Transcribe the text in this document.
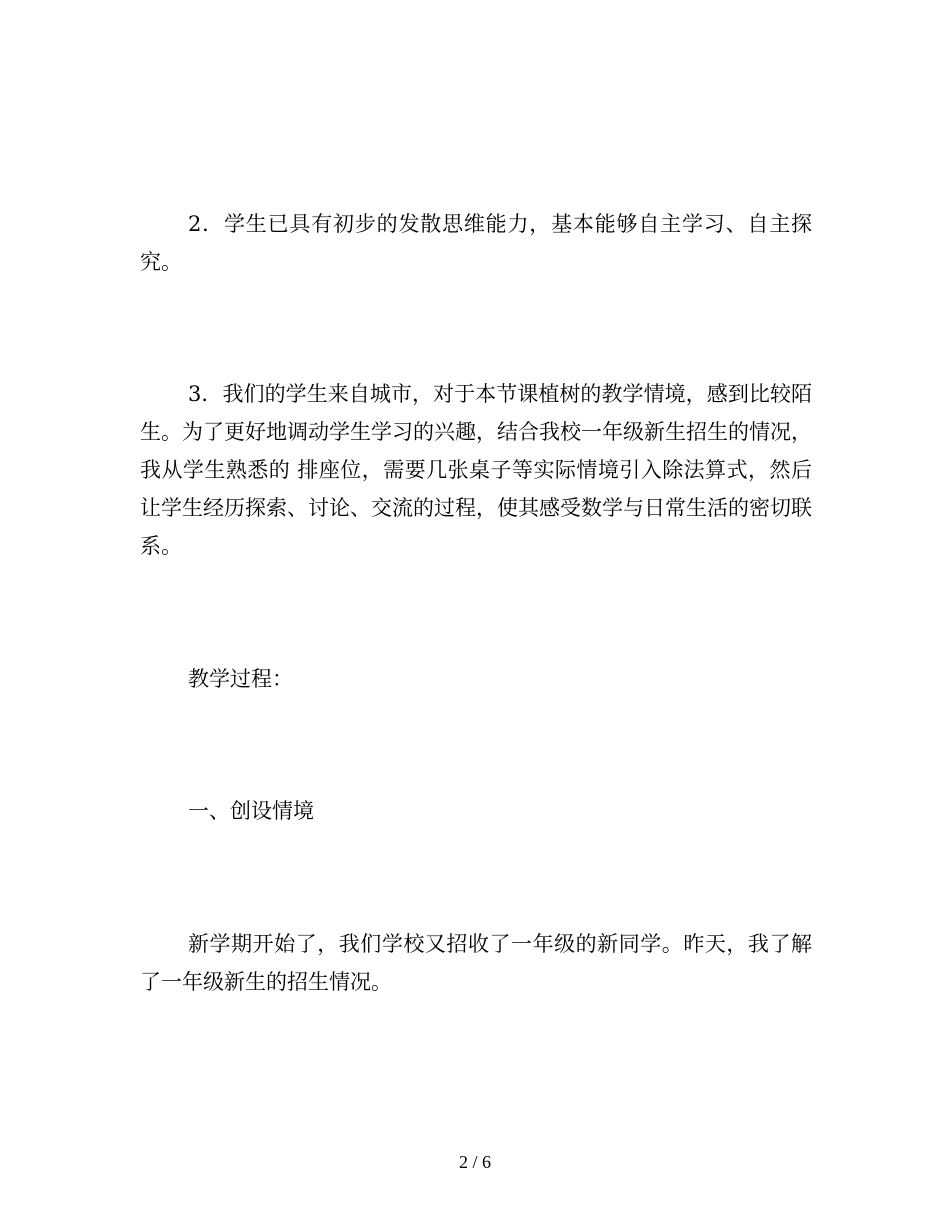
2．学生已具有初步的发散思维能力，基本能够自主学习、自主探究。

3．我们的学生来自城市，对于本节课植树的教学情境，感到比较陌生。为了更好地调动学生学习的兴趣，结合我校一年级新生招生的情况，我从学生熟悉的 排座位，需要几张桌子等实际情境引入除法算式，然后让学生经历探索、讨论、交流的过程，使其感受数学与日常生活的密切联系。

教学过程：

一、创设情境

新学期开始了，我们学校又招收了一年级的新同学。昨天，我了解了一年级新生的招生情况。

2 / 6
